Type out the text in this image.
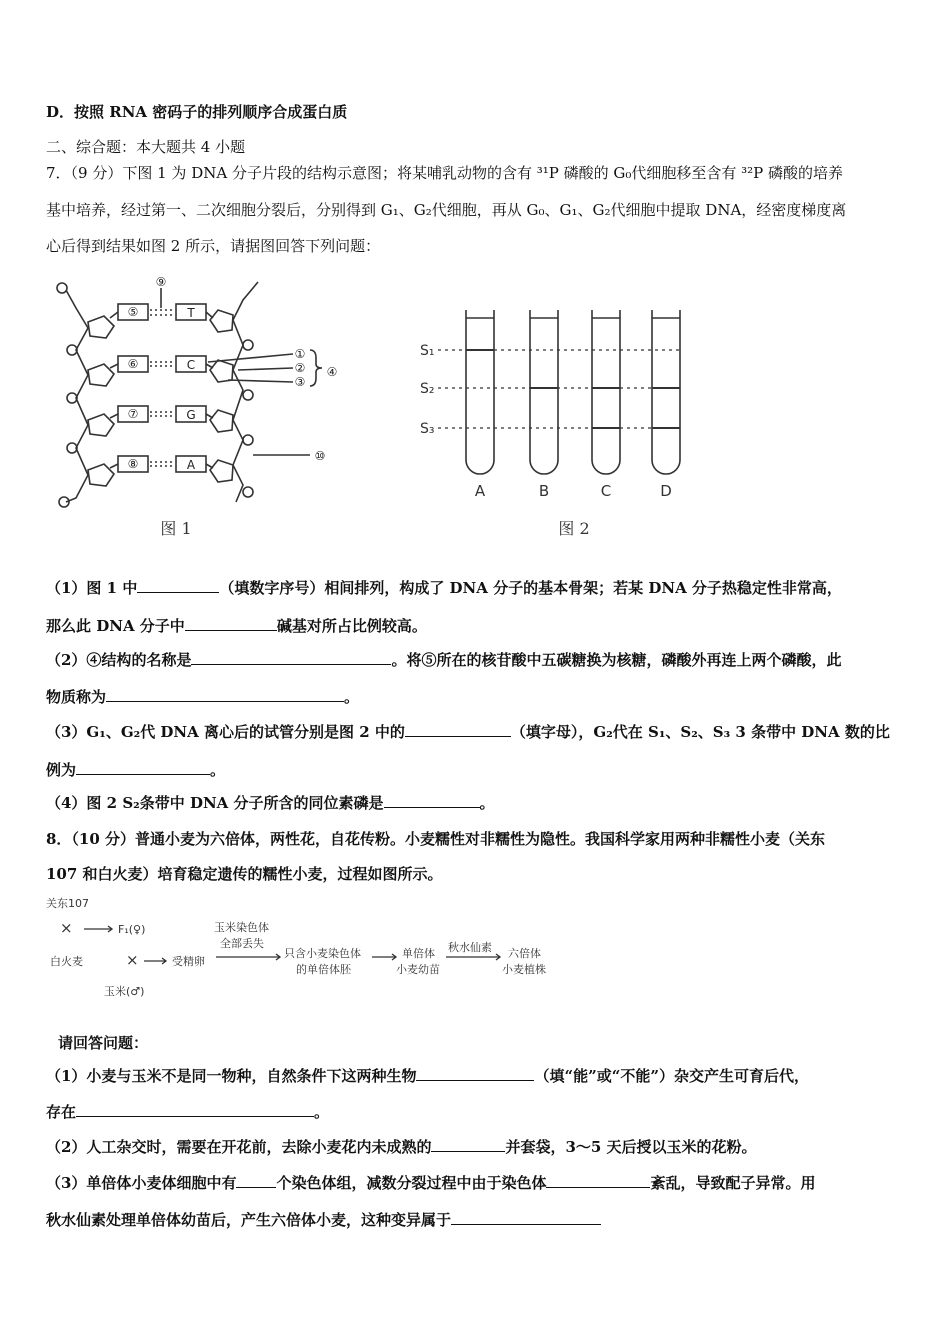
D．按照 RNA 密码子的排列顺序合成蛋白质
二、综合题：本大题共 4 小题
7．（9 分）下图 1 为 DNA 分子片段的结构示意图；将某哺乳动物的含有 ³¹P 磷酸的 G₀代细胞移至含有 ³²P 磷酸的培养
基中培养，经过第一、二次细胞分裂后，分别得到 G₁、G₂代细胞，再从 G₀、G₁、G₂代细胞中提取 DNA，经密度梯度离
心后得到结果如图 2 所示，请据图回答下列问题：
⑤
⑥
⑦
⑧
T
C
G
A
⑨
①
②
③
④
⑩
图 1
S₁
S₂
S₃
A	B	C	D
图 2
（1）图 1 中	（填数字序号）相间排列，构成了 DNA 分子的基本骨架；若某 DNA 分子热稳定性非常高，
那么此 DNA 分子中	碱基对所占比例较高。
（2）④结构的名称是	。将⑤所在的核苷酸中五碳糖换为核糖，磷酸外再连上两个磷酸，此
物质称为	。
（3）G₁、G₂代 DNA 离心后的试管分别是图 2 中的	（填字母），G₂代在 S₁、S₂、S₃ 3 条带中 DNA 数的比
例为	。
（4）图 2 S₂条带中 DNA 分子所含的同位素磷是	。
8．（10 分）普通小麦为六倍体，两性花，自花传粉。小麦糯性对非糯性为隐性。我国科学家用两种非糯性小麦（关东
107 和白火麦）培育稳定遗传的糯性小麦，过程如图所示。
关东107
×	F₁(♀)
白火麦	×	受精卵
玉米(♂)
玉米染色体
全部丢失
只含小麦染色体
的单倍体胚
单倍体
小麦幼苗
秋水仙素 六倍体
小麦植株
请回答问题：
（1）小麦与玉米不是同一物种，自然条件下这两种生物	（填“能”或“不能”）杂交产生可育后代，
存在	。
（2）人工杂交时，需要在开花前，去除小麦花内未成熟的	并套袋，3～5 天后授以玉米的花粉。
（3）单倍体小麦体细胞中有	个染色体组，减数分裂过程中由于染色体	紊乱，导致配子异常。用
秋水仙素处理单倍体幼苗后，产生六倍体小麦，这种变异属于
